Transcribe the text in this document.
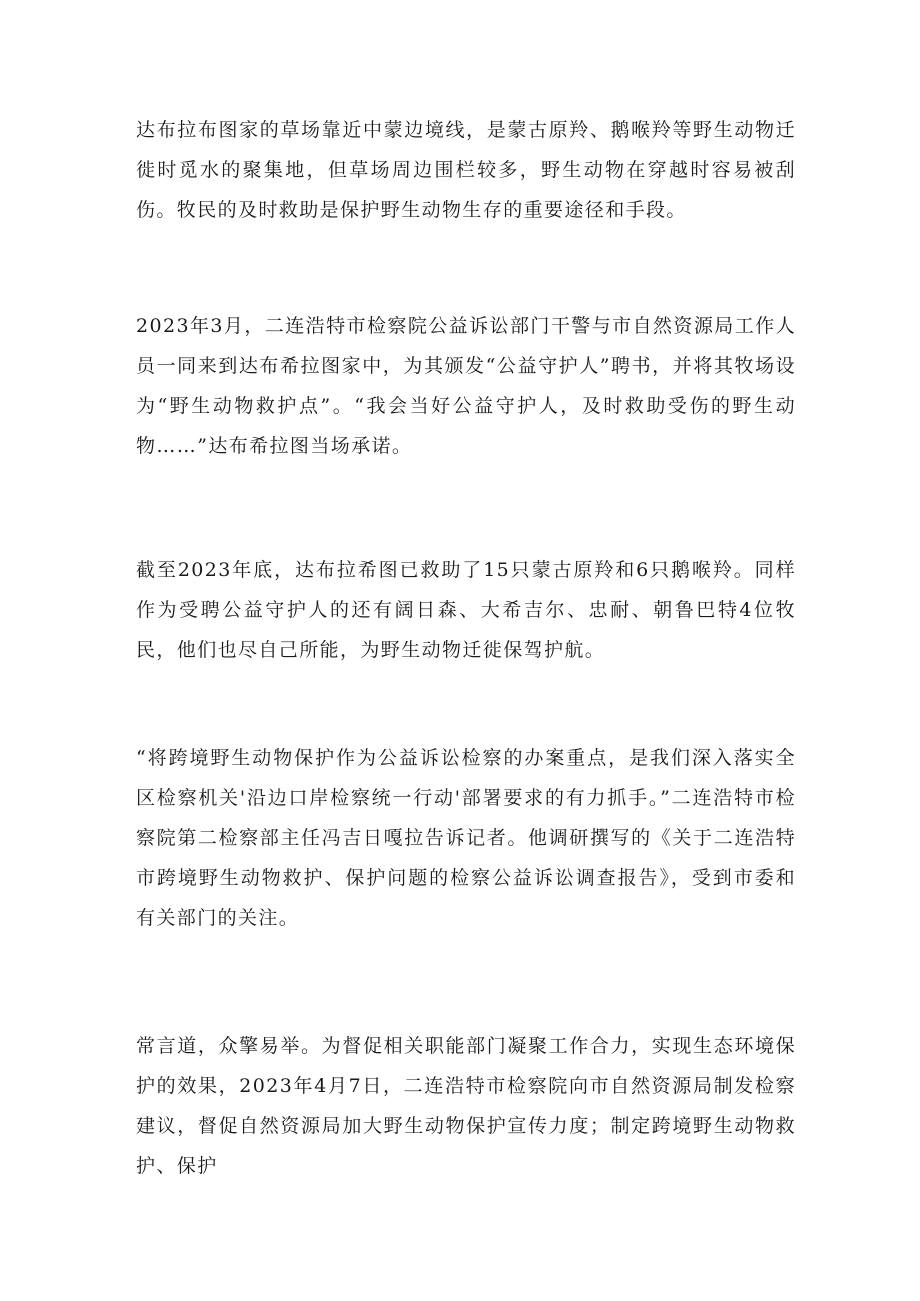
达布拉布图家的草场靠近中蒙边境线，是蒙古原羚、鹅喉羚等野生动物迁徙时觅水的聚集地，但草场周边围栏较多，野生动物在穿越时容易被刮伤。牧民的及时救助是保护野生动物生存的重要途径和手段。

2023年3月，二连浩特市检察院公益诉讼部门干警与市自然资源局工作人员一同来到达布希拉图家中，为其颁发“公益守护人”聘书，并将其牧场设为“野生动物救护点”。“我会当好公益守护人，及时救助受伤的野生动物……”达布希拉图当场承诺。

截至2023年底，达布拉希图已救助了15只蒙古原羚和6只鹅喉羚。同样作为受聘公益守护人的还有阔日森、大希吉尔、忠耐、朝鲁巴特4位牧民，他们也尽自己所能，为野生动物迁徙保驾护航。

“将跨境野生动物保护作为公益诉讼检察的办案重点，是我们深入落实全区检察机关'沿边口岸检察统一行动'部署要求的有力抓手。”二连浩特市检察院第二检察部主任冯吉日嘎拉告诉记者。他调研撰写的《关于二连浩特市跨境野生动物救护、保护问题的检察公益诉讼调查报告》，受到市委和有关部门的关注。

常言道，众擎易举。为督促相关职能部门凝聚工作合力，实现生态环境保护的效果，2023年4月7日，二连浩特市检察院向市自然资源局制发检察建议，督促自然资源局加大野生动物保护宣传力度；制定跨境野生动物救护、保护
